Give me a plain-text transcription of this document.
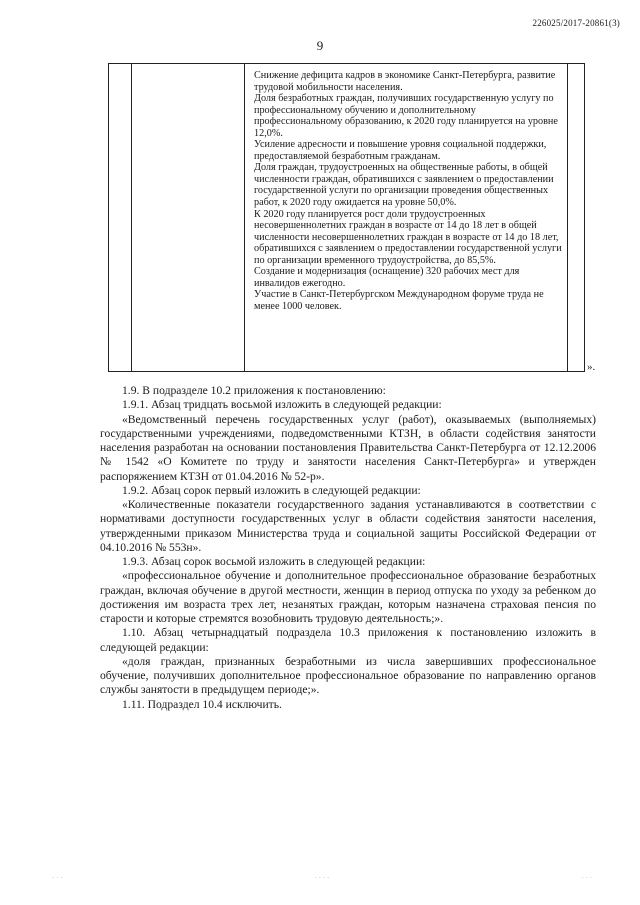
226025/2017-20861(3)
9

Снижение дефицита кадров в экономике Санкт-Петербурга, развитие трудовой мобильности населения.

Доля безработных граждан, получивших государственную услугу по профессиональному обучению и дополнительному профессиональному образованию, к 2020 году планируется на уровне 12,0%.

Усиление адресности и повышение уровня социальной поддержки, предоставляемой безработным гражданам.

Доля граждан, трудоустроенных на общественные работы, в общей численности граждан, обратившихся с заявлением о предоставлении государственной услуги по организации проведения общественных работ, к 2020 году ожидается на уровне 50,0%.

К 2020 году планируется рост доли трудоустроенных несовершеннолетних граждан в возрасте от 14 до 18 лет в общей численности несовершеннолетних граждан в возрасте от 14 до 18 лет, обратившихся с заявлением о предоставлении государственной услуги по организации временного трудоустройства, до 85,5%.

Создание и модернизация (оснащение) 320 рабочих мест для инвалидов ежегодно.

Участие в Санкт-Петербургском Международном форуме труда не менее 1000 человек.

».

1.9. В подразделе 10.2 приложения к постановлению:

1.9.1. Абзац тридцать восьмой изложить в следующей редакции:

«Ведомственный перечень государственных услуг (работ), оказываемых (выполняемых) государственными учреждениями, подведомственными КТЗН, в области содействия занятости населения разработан на основании постановления Правительства Санкт-Петербурга от 12.12.2006 № 1542 «О Комитете по труду и занятости населения Санкт-Петербурга» и утвержден распоряжением КТЗН от 01.04.2016 № 52-р».

1.9.2. Абзац сорок первый изложить в следующей редакции:

«Количественные показатели государственного задания устанавливаются в соответствии с нормативами доступности государственных услуг в области содействия занятости населения, утвержденными приказом Министерства труда и социальной защиты Российской Федерации от 04.10.2016 № 553н».

1.9.3. Абзац сорок восьмой изложить в следующей редакции:

«профессиональное обучение и дополнительное профессиональное образование безработных граждан, включая обучение в другой местности, женщин в период отпуска по уходу за ребенком до достижения им возраста трех лет, незанятых граждан, которым назначена страховая пенсия по старости и которые стремятся возобновить трудовую деятельность;».

1.10. Абзац четырнадцатый подраздела 10.3 приложения к постановлению изложить в следующей редакции:

«доля граждан, признанных безработными из числа завершивших профессиональное обучение, получивших дополнительное профессиональное образование по направлению органов службы занятости в предыдущем периоде;».

1.11. Подраздел 10.4 исключить.

· · ·	· · · ·	· · ·
